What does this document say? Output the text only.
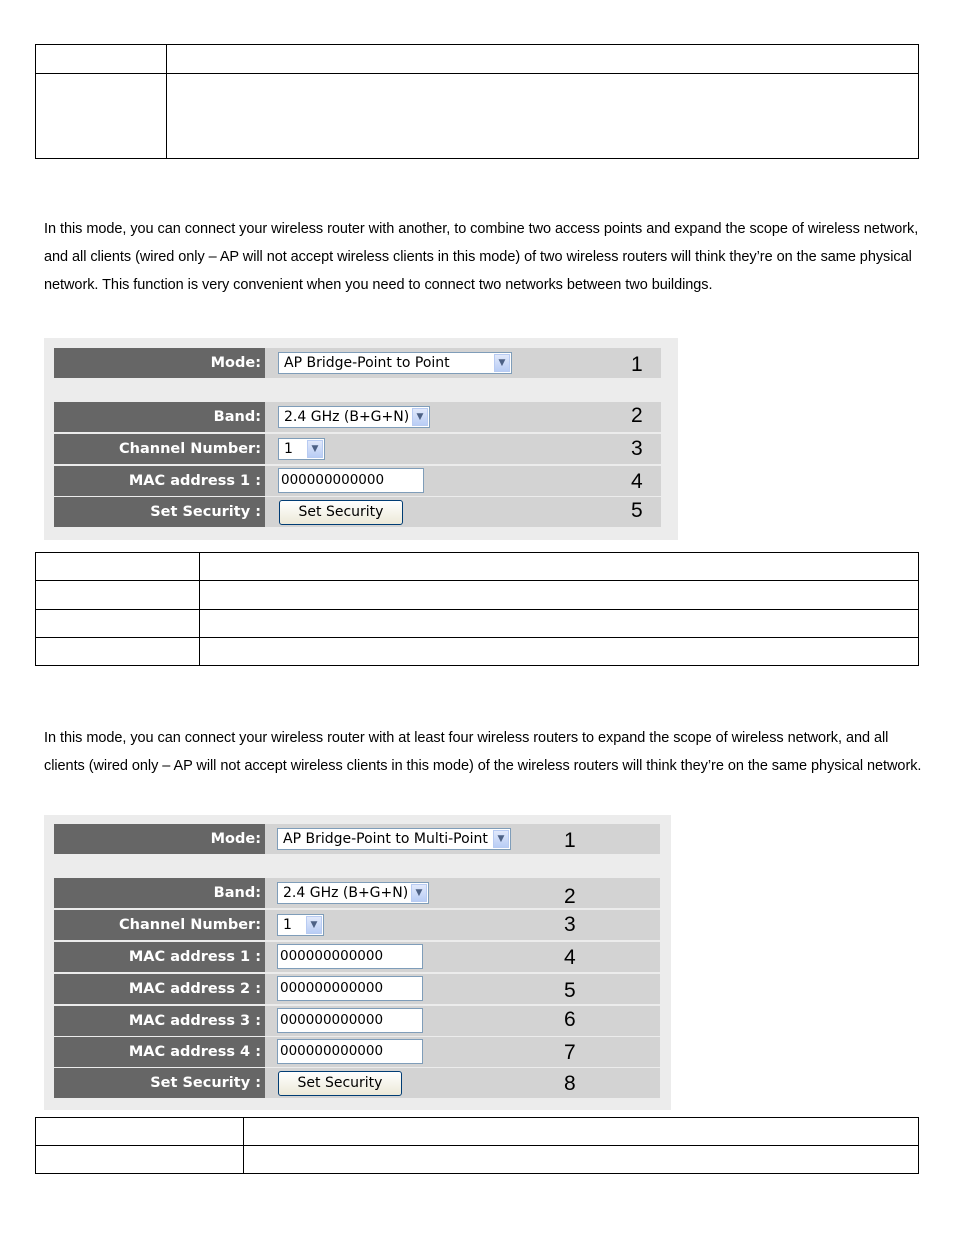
In this mode, you can connect your wireless router with another, to combine two access points and expand the scope of wireless network, and all clients (wired only – AP will not accept wireless clients in this mode) of two wireless routers will think they’re on the same physical network. This function is very convenient when you need to connect two networks between two buildings.

Mode:	AP Bridge-Point to Point	▼	1
Band:	2.4 GHz (B+G+N) ▼	2
Channel Number:	1	▼	3
MAC address 1 : 000000000000	4
Set Security :	Set Security	5

In this mode, you can connect your wireless router with at least four wireless routers to expand the scope of wireless network, and all clients (wired only – AP will not accept wireless clients in this mode) of the wireless routers will think they’re on the same physical network.

Mode:	AP Bridge-Point to Multi-Point	▼	1
Band:	2.4 GHz (B+G+N) ▼	2
Channel Number:	1	▼	3
MAC address 1 : 000000000000	4
MAC address 2 : 000000000000	5
MAC address 3 : 000000000000	6
MAC address 4 : 000000000000	7
Set Security :	Set Security	8
